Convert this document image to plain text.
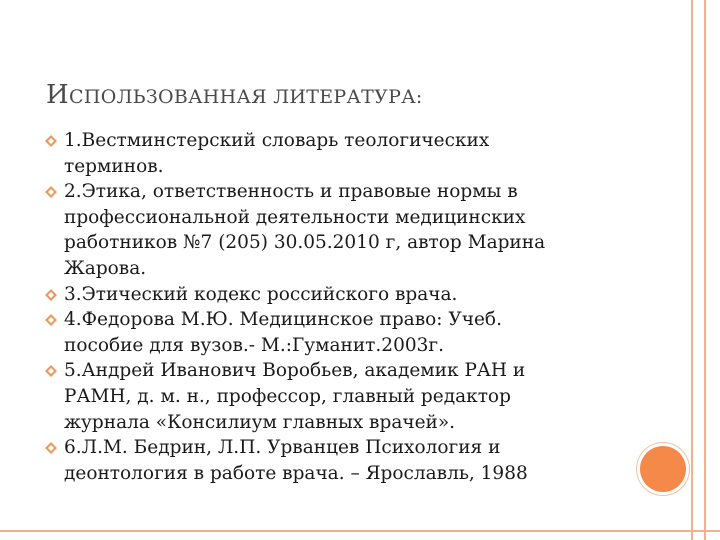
ИСПОЛЬЗОВАННАЯ ЛИТЕРАТУРА:
1.Вестминстерский словарь теологических терминов.
2.Этика, ответственность и правовые нормы в профессиональной деятельности медицинских работников №7 (205) 30.05.2010 г, автор Марина Жарова.
3.Этический кодекс российского врача.
4.Федорова М.Ю. Медицинское право: Учеб. пособие для вузов.- М.:Гуманит.2003г.
5.Андрей Иванович Воробьев, академик РАН и РАМН, д. м. н., профессор, главный редактор журнала «Консилиум главных врачей».
6.Л.М. Бедрин, Л.П. Урванцев Психология и деонтология в работе врача. – Ярославль, 1988
